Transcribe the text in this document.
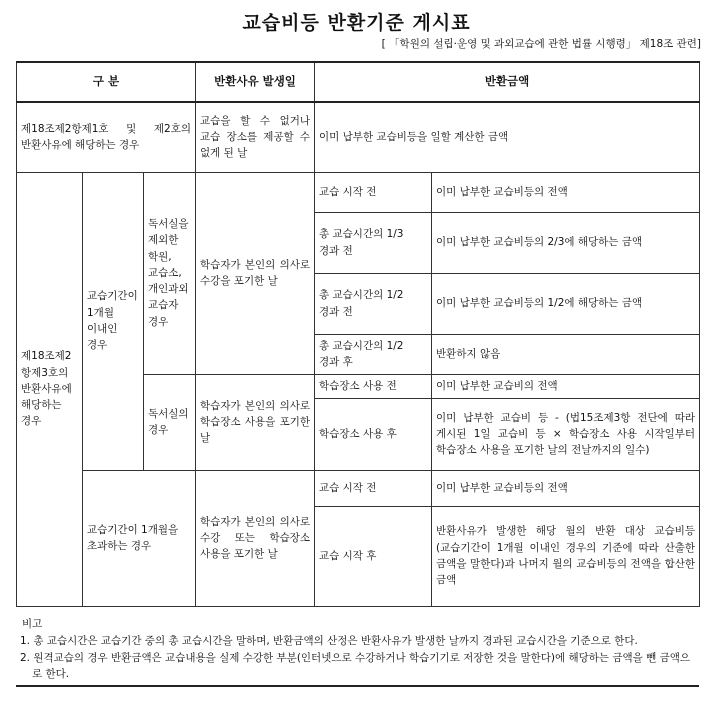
교습비등 반환기준 게시표
[ 「학원의 설립·운영 및 과외교습에 관한 법률 시행령」 제18조 관련]
구 분			반환사유 발생일	반환금액	
제18조제2항제1호 및 제2호의 반환사유에 해당하는 경우			교습을 할 수 없거나 교습 장소를 제공할 수 없게 된 날	이미 납부한 교습비등을 일할 계산한 금액	
제18조제2항제3호의 반환사유에 해당하는 경우	교습기간이 1개월 이내인 경우	독서실을 제외한 학원, 교습소, 개인과외교습자 경우	학습자가 본인의 의사로 수강을 포기한 날	교습 시작 전	이미 납부한 교습비등의 전액
				총 교습시간의 1/3 경과 전	이미 납부한 교습비등의 2/3에 해당하는 금액
				총 교습시간의 1/2 경과 전	이미 납부한 교습비등의 1/2에 해당하는 금액
				총 교습시간의 1/2 경과 후	반환하지 않음
		독서실의 경우	학습자가 본인의 의사로 학습장소 사용을 포기한 날	학습장소 사용 전	이미 납부한 교습비의 전액
				학습장소 사용 후	이미 납부한 교습비 등 - (법15조제3항 전단에 따라 게시된 1일 교습비 등 × 학습장소 사용 시작일부터 학습장소 사용을 포기한 날의 전날까지의 일수)
	교습기간이 1개월을 초과하는 경우		학습자가 본인의 의사로 수강 또는 학습장소 사용을 포기한 날	교습 시작 전	이미 납부한 교습비등의 전액
				교습 시작 후	반환사유가 발생한 해당 월의 반환 대상 교습비등(교습기간이 1개월 이내인 경우의 기준에 따라 산출한 금액을 말한다)과 나머지 월의 교습비등의 전액을 합산한 금액
비고
1. 총 교습시간은 교습기간 중의 총 교습시간을 말하며, 반환금액의 산정은 반환사유가 발생한 날까지 경과된 교습시간을 기준으로 한다.
2. 원격교습의 경우 반환금액은 교습내용을 실제 수강한 부분(인터넷으로 수강하거나 학습기기로 저장한 것을 말한다)에 해당하는 금액을 뺀 금액으로 한다.
